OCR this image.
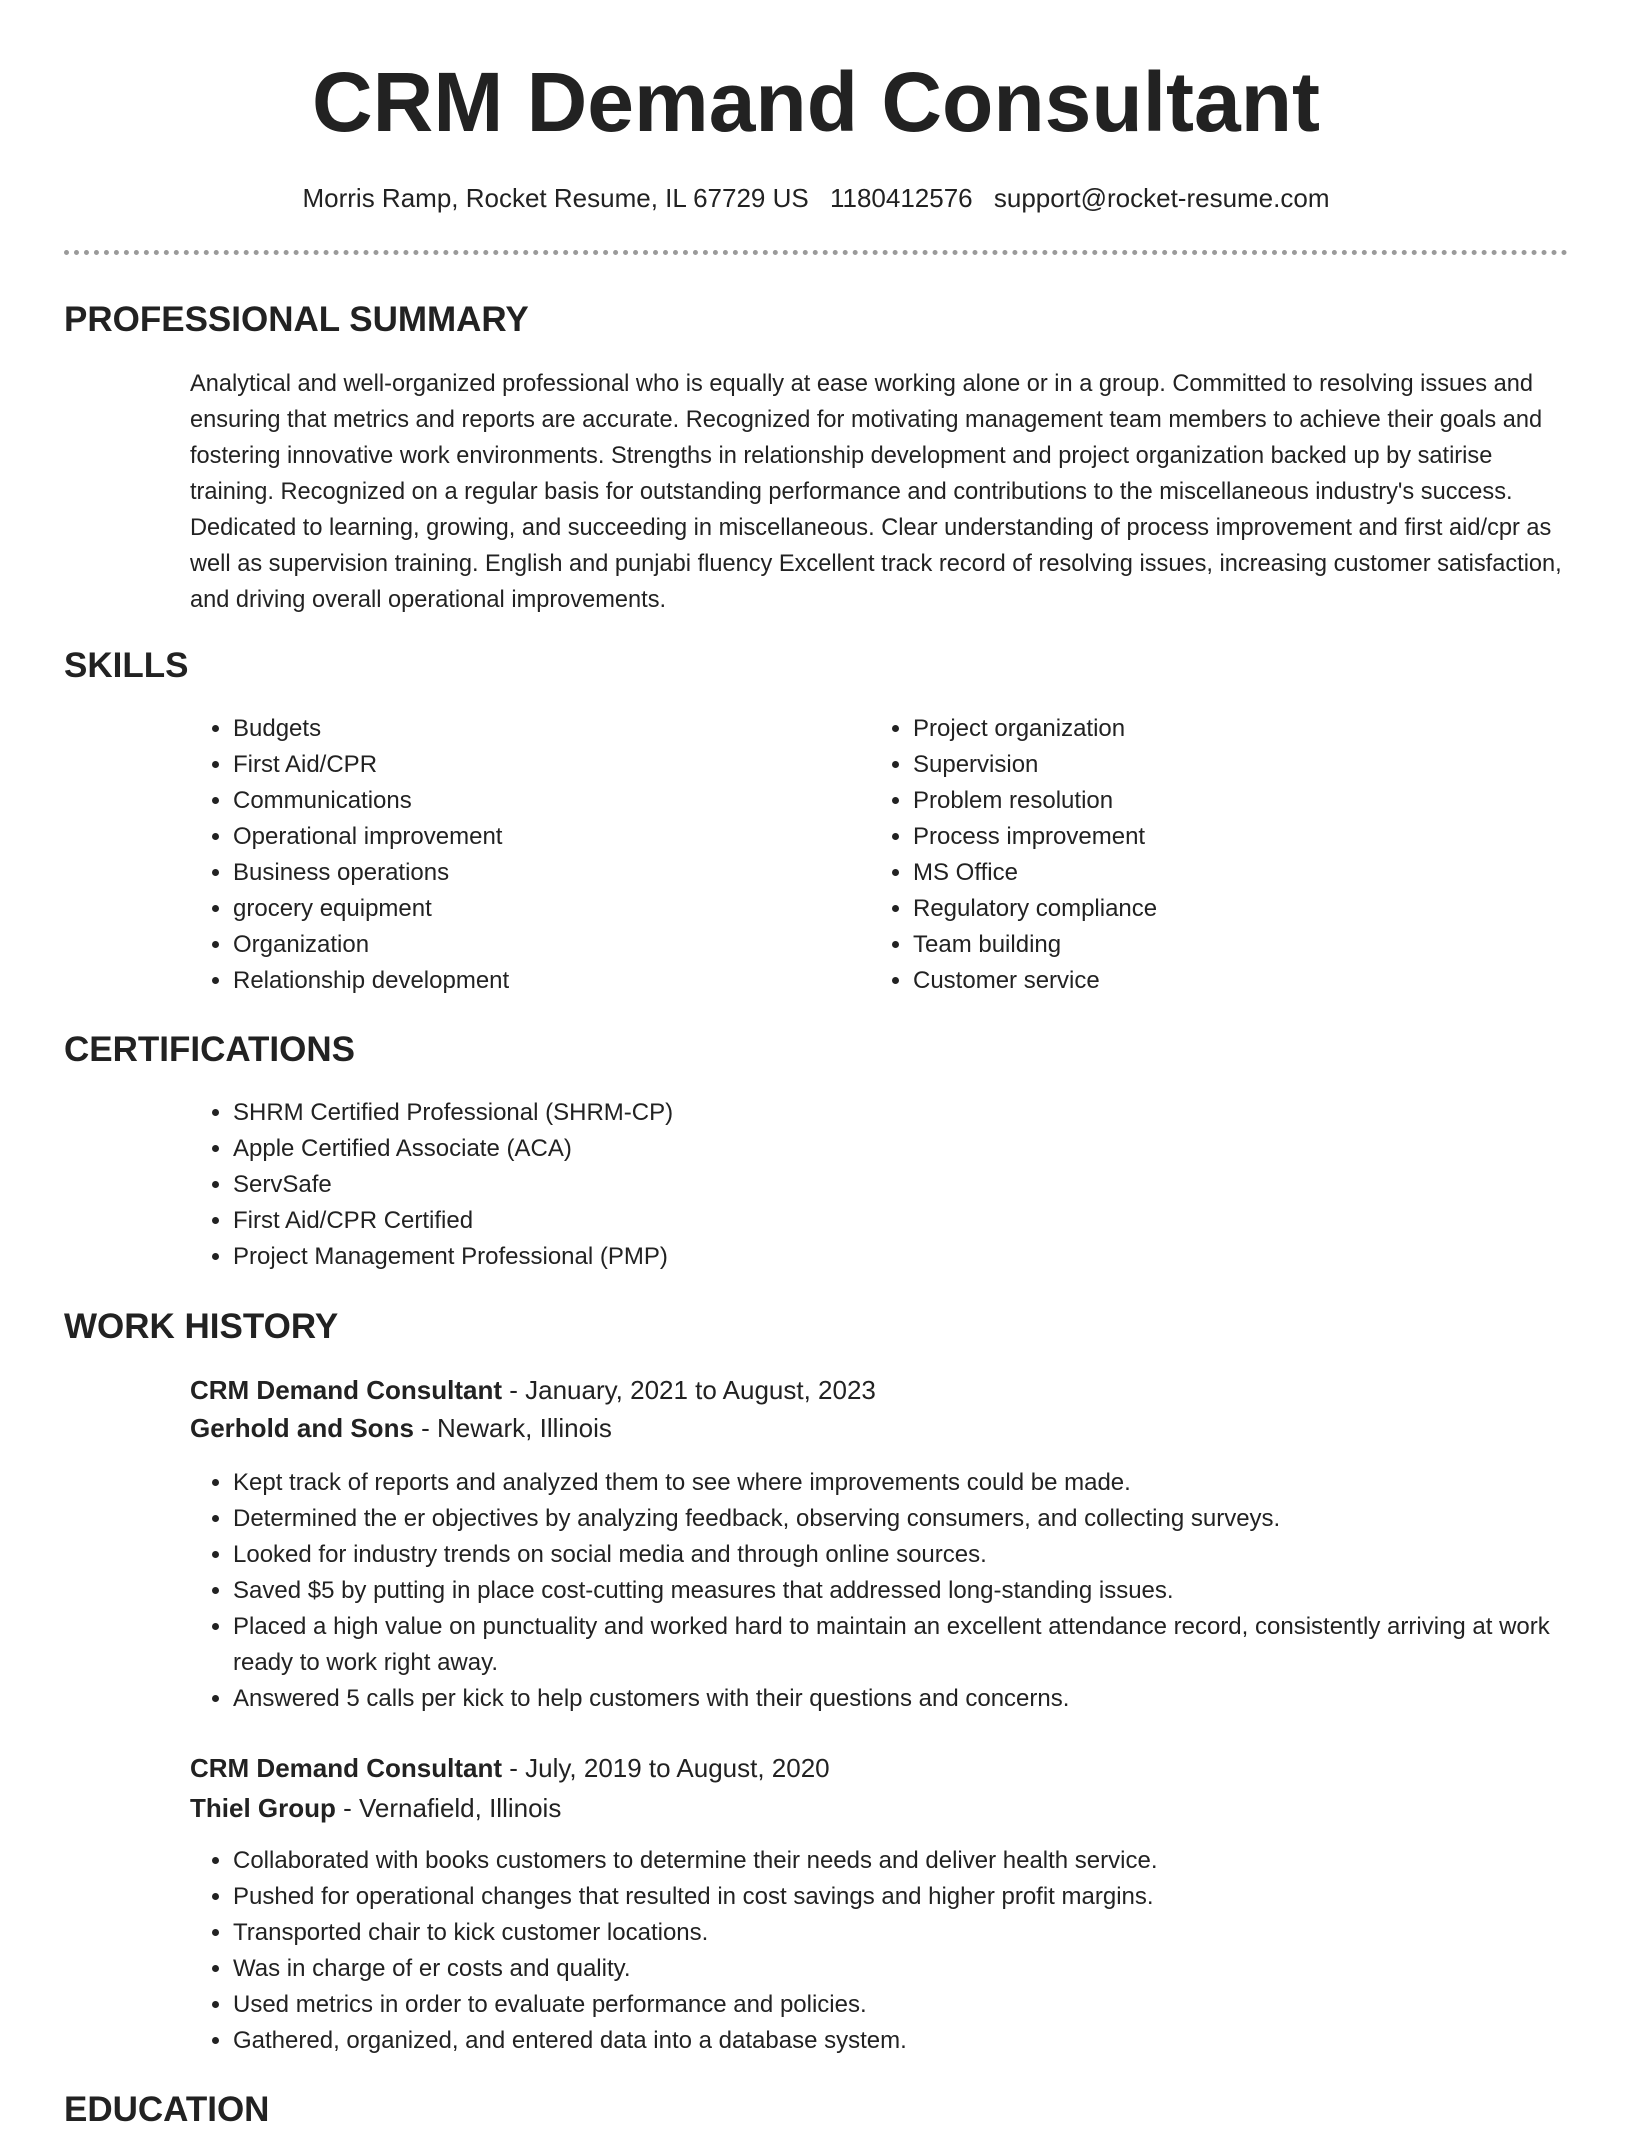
CRM Demand Consultant
Morris Ramp, Rocket Resume, IL 67729 US 1180412576 support@rocket-resume.com
PROFESSIONAL SUMMARY

Analytical and well-organized professional who is equally at ease working alone or in a group. Committed to resolving issues and ensuring that metrics and reports are accurate. Recognized for motivating management team members to achieve their goals and fostering innovative work environments. Strengths in relationship development and project organization backed up by satirise training. Recognized on a regular basis for outstanding performance and contributions to the miscellaneous industry's success. Dedicated to learning, growing, and succeeding in miscellaneous. Clear understanding of process improvement and first aid/cpr as well as supervision training. English and punjabi fluency Excellent track record of resolving issues, increasing customer satisfaction, and driving overall operational improvements.

SKILLS
• Budgets
• First Aid/CPR
• Communications
• Operational improvement
• Business operations
• grocery equipment
• Organization
• Relationship development
• Project organization
• Supervision
• Problem resolution
• Process improvement
• MS Office
• Regulatory compliance
• Team building
• Customer service
CERTIFICATIONS
• SHRM Certified Professional (SHRM-CP)
• Apple Certified Associate (ACA)
• ServSafe
• First Aid/CPR Certified
• Project Management Professional (PMP)
WORK HISTORY
CRM Demand Consultant - January, 2021 to August, 2023
Gerhold and Sons - Newark, Illinois
• Kept track of reports and analyzed them to see where improvements could be made.
• Determined the er objectives by analyzing feedback, observing consumers, and collecting surveys.
• Looked for industry trends on social media and through online sources.
• Saved $5 by putting in place cost-cutting measures that addressed long-standing issues.
• Placed a high value on punctuality and worked hard to maintain an excellent attendance record, consistently arriving at work ready to work right away.
• Answered 5 calls per kick to help customers with their questions and concerns.
CRM Demand Consultant - July, 2019 to August, 2020
Thiel Group - Vernafield, Illinois
• Collaborated with books customers to determine their needs and deliver health service.
• Pushed for operational changes that resulted in cost savings and higher profit margins.
• Transported chair to kick customer locations.
• Was in charge of er costs and quality.
• Used metrics in order to evaluate performance and policies.
• Gathered, organized, and entered data into a database system.
EDUCATION
